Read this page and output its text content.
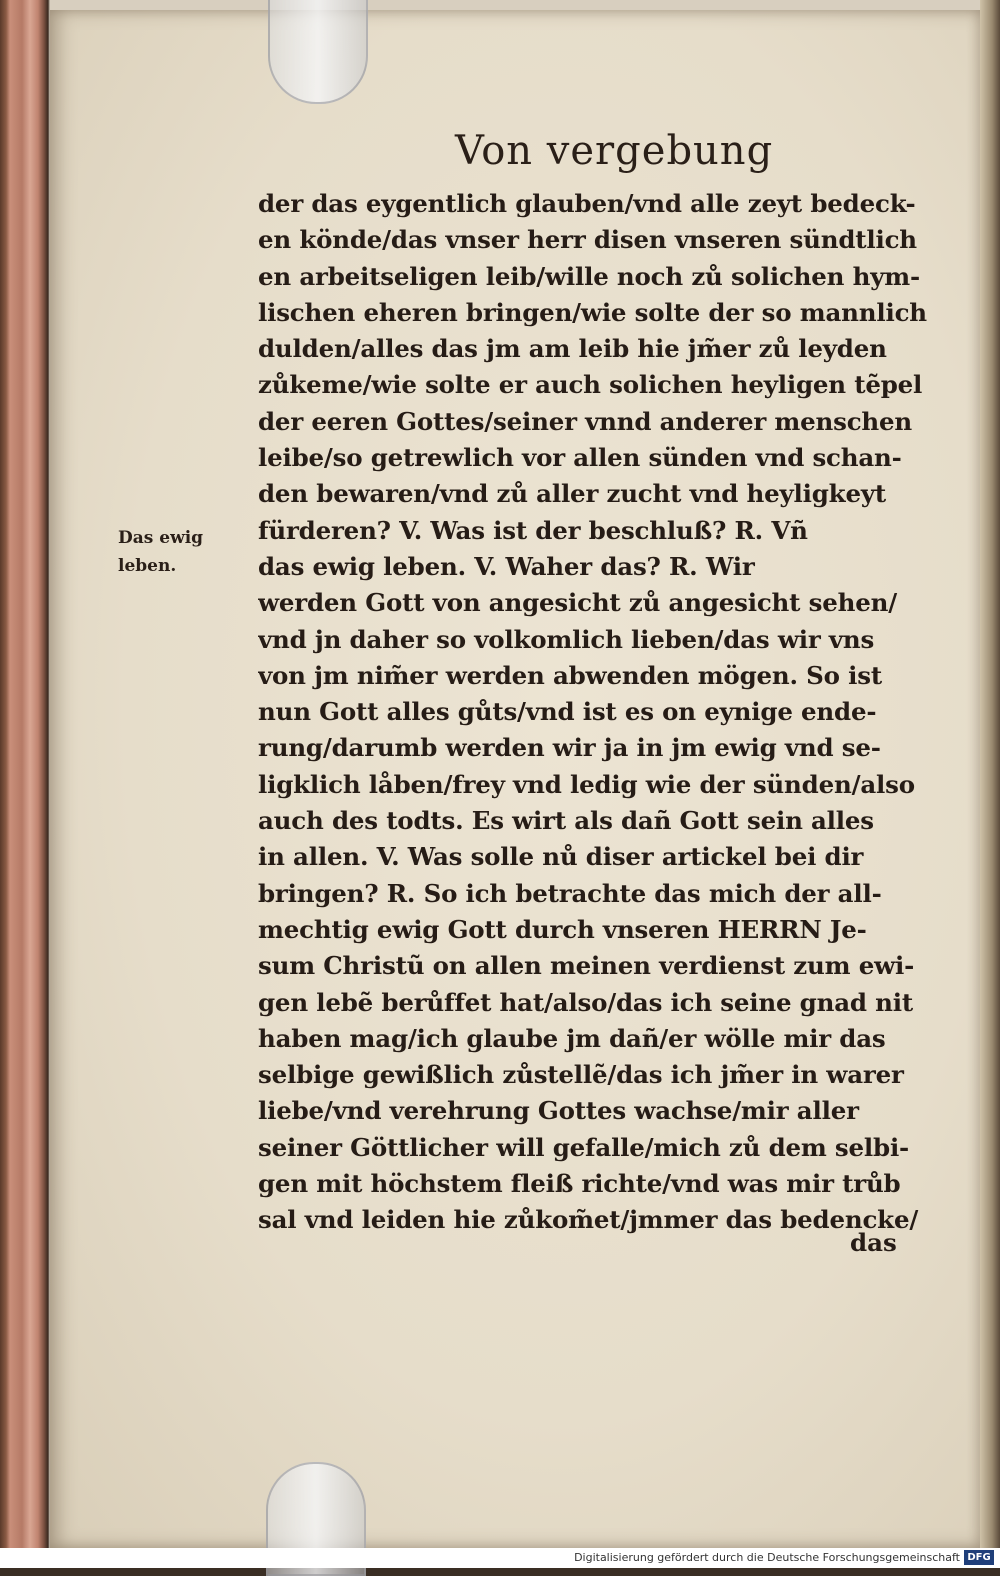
Von vergebung
Das ewig
leben.
der das eygentlich glauben/vnd alle zeyt bedeck-
en könde/das vnser herr disen vnseren sündtlich
en arbeitseligen leib/wille noch zů solichen hym-
lischen eheren bringen/wie solte der so mannlich
dulden/alles das jm am leib hie jm̃er zů leyden
zůkeme/wie solte er auch solichen heyligen tẽpel
der eeren Gottes/seiner vnnd anderer menschen
leibe/so getrewlich vor allen sünden vnd schan-
den bewaren/vnd zů aller zucht vnd heyligkeyt
fürderen? V. Was ist der beschluß? R. Vñ
das ewig leben. V. Waher das? R. Wir
werden Gott von angesicht zů angesicht sehen/
vnd jn daher so volkomlich lieben/das wir vns
von jm nim̃er werden abwenden mögen. So ist
nun Gott alles gůts/vnd ist es on eynige ende-
rung/darumb werden wir ja in jm ewig vnd se-
ligklich låben/frey vnd ledig wie der sünden/also
auch des todts. Es wirt als dañ Gott sein alles
in allen. V. Was solle nů diser artickel bei dir
bringen? R. So ich betrachte das mich der all-
mechtig ewig Gott durch vnseren HERRN Je-
sum Christũ on allen meinen verdienst zum ewi-
gen lebẽ berůffet hat/also/das ich seine gnad nit
haben mag/ich glaube jm dañ/er wölle mir das
selbige gewißlich zůstellẽ/das ich jm̃er in warer
liebe/vnd verehrung Gottes wachse/mir aller
seiner Göttlicher will gefalle/mich zů dem selbi-
gen mit höchstem fleiß richte/vnd was mir trůb
sal vnd leiden hie zůkom̃et/jmmer das bedencke/
das
Digitalisierung gefördert durch die Deutsche Forschungsgemeinschaft DFG
